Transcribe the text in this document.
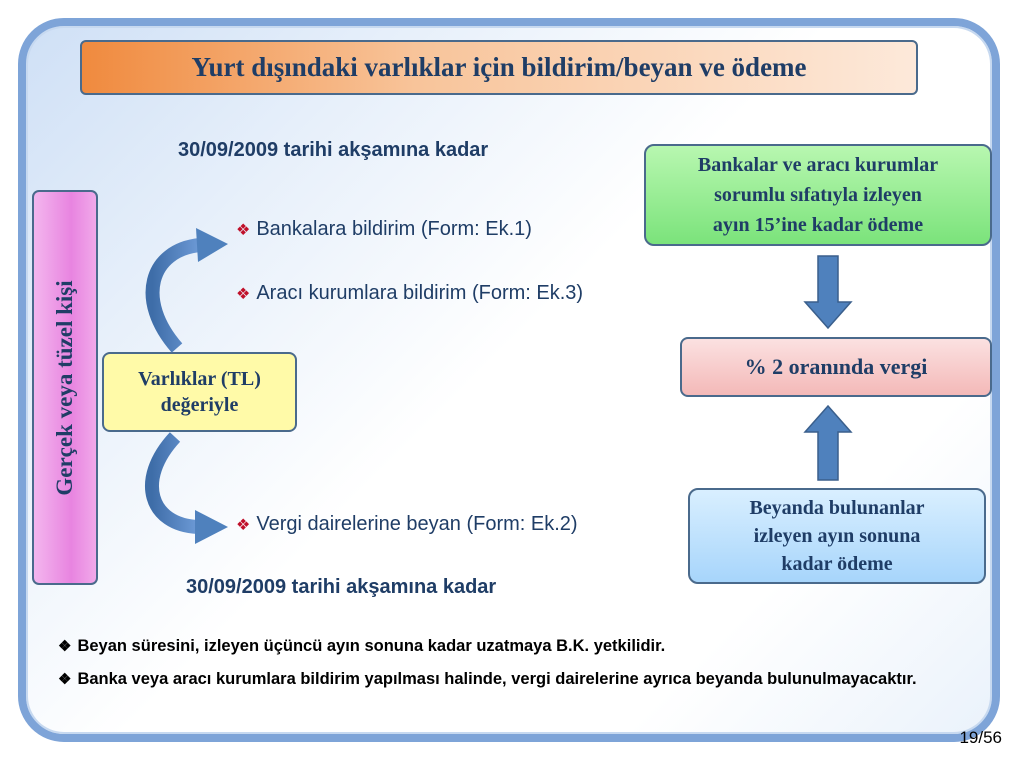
Yurt dışındaki varlıklar için bildirim/beyan ve ödeme
30/09/2009 tarihi akşamına kadar
Gerçek veya tüzel kişi	Varlıklar (TL)
değeriyle
❖ Bankalara bildirim (Form: Ek.1)
❖ Aracı kurumlara bildirim (Form: Ek.3)
❖ Vergi dairelerine beyan (Form: Ek.2)
30/09/2009 tarihi akşamına kadar
Bankalar ve aracı kurumlar
sorumlu sıfatıyla izleyen
ayın 15’ine kadar ödeme
% 2 oranında vergi
Beyanda bulunanlar
izleyen ayın sonuna
kadar ödeme
❖ Beyan süresini, izleyen üçüncü ayın sonuna kadar uzatmaya B.K. yetkilidir.
❖ Banka veya aracı kurumlara bildirim yapılması halinde, vergi dairelerine ayrıca beyanda bulunulmayacaktır.
19/56
